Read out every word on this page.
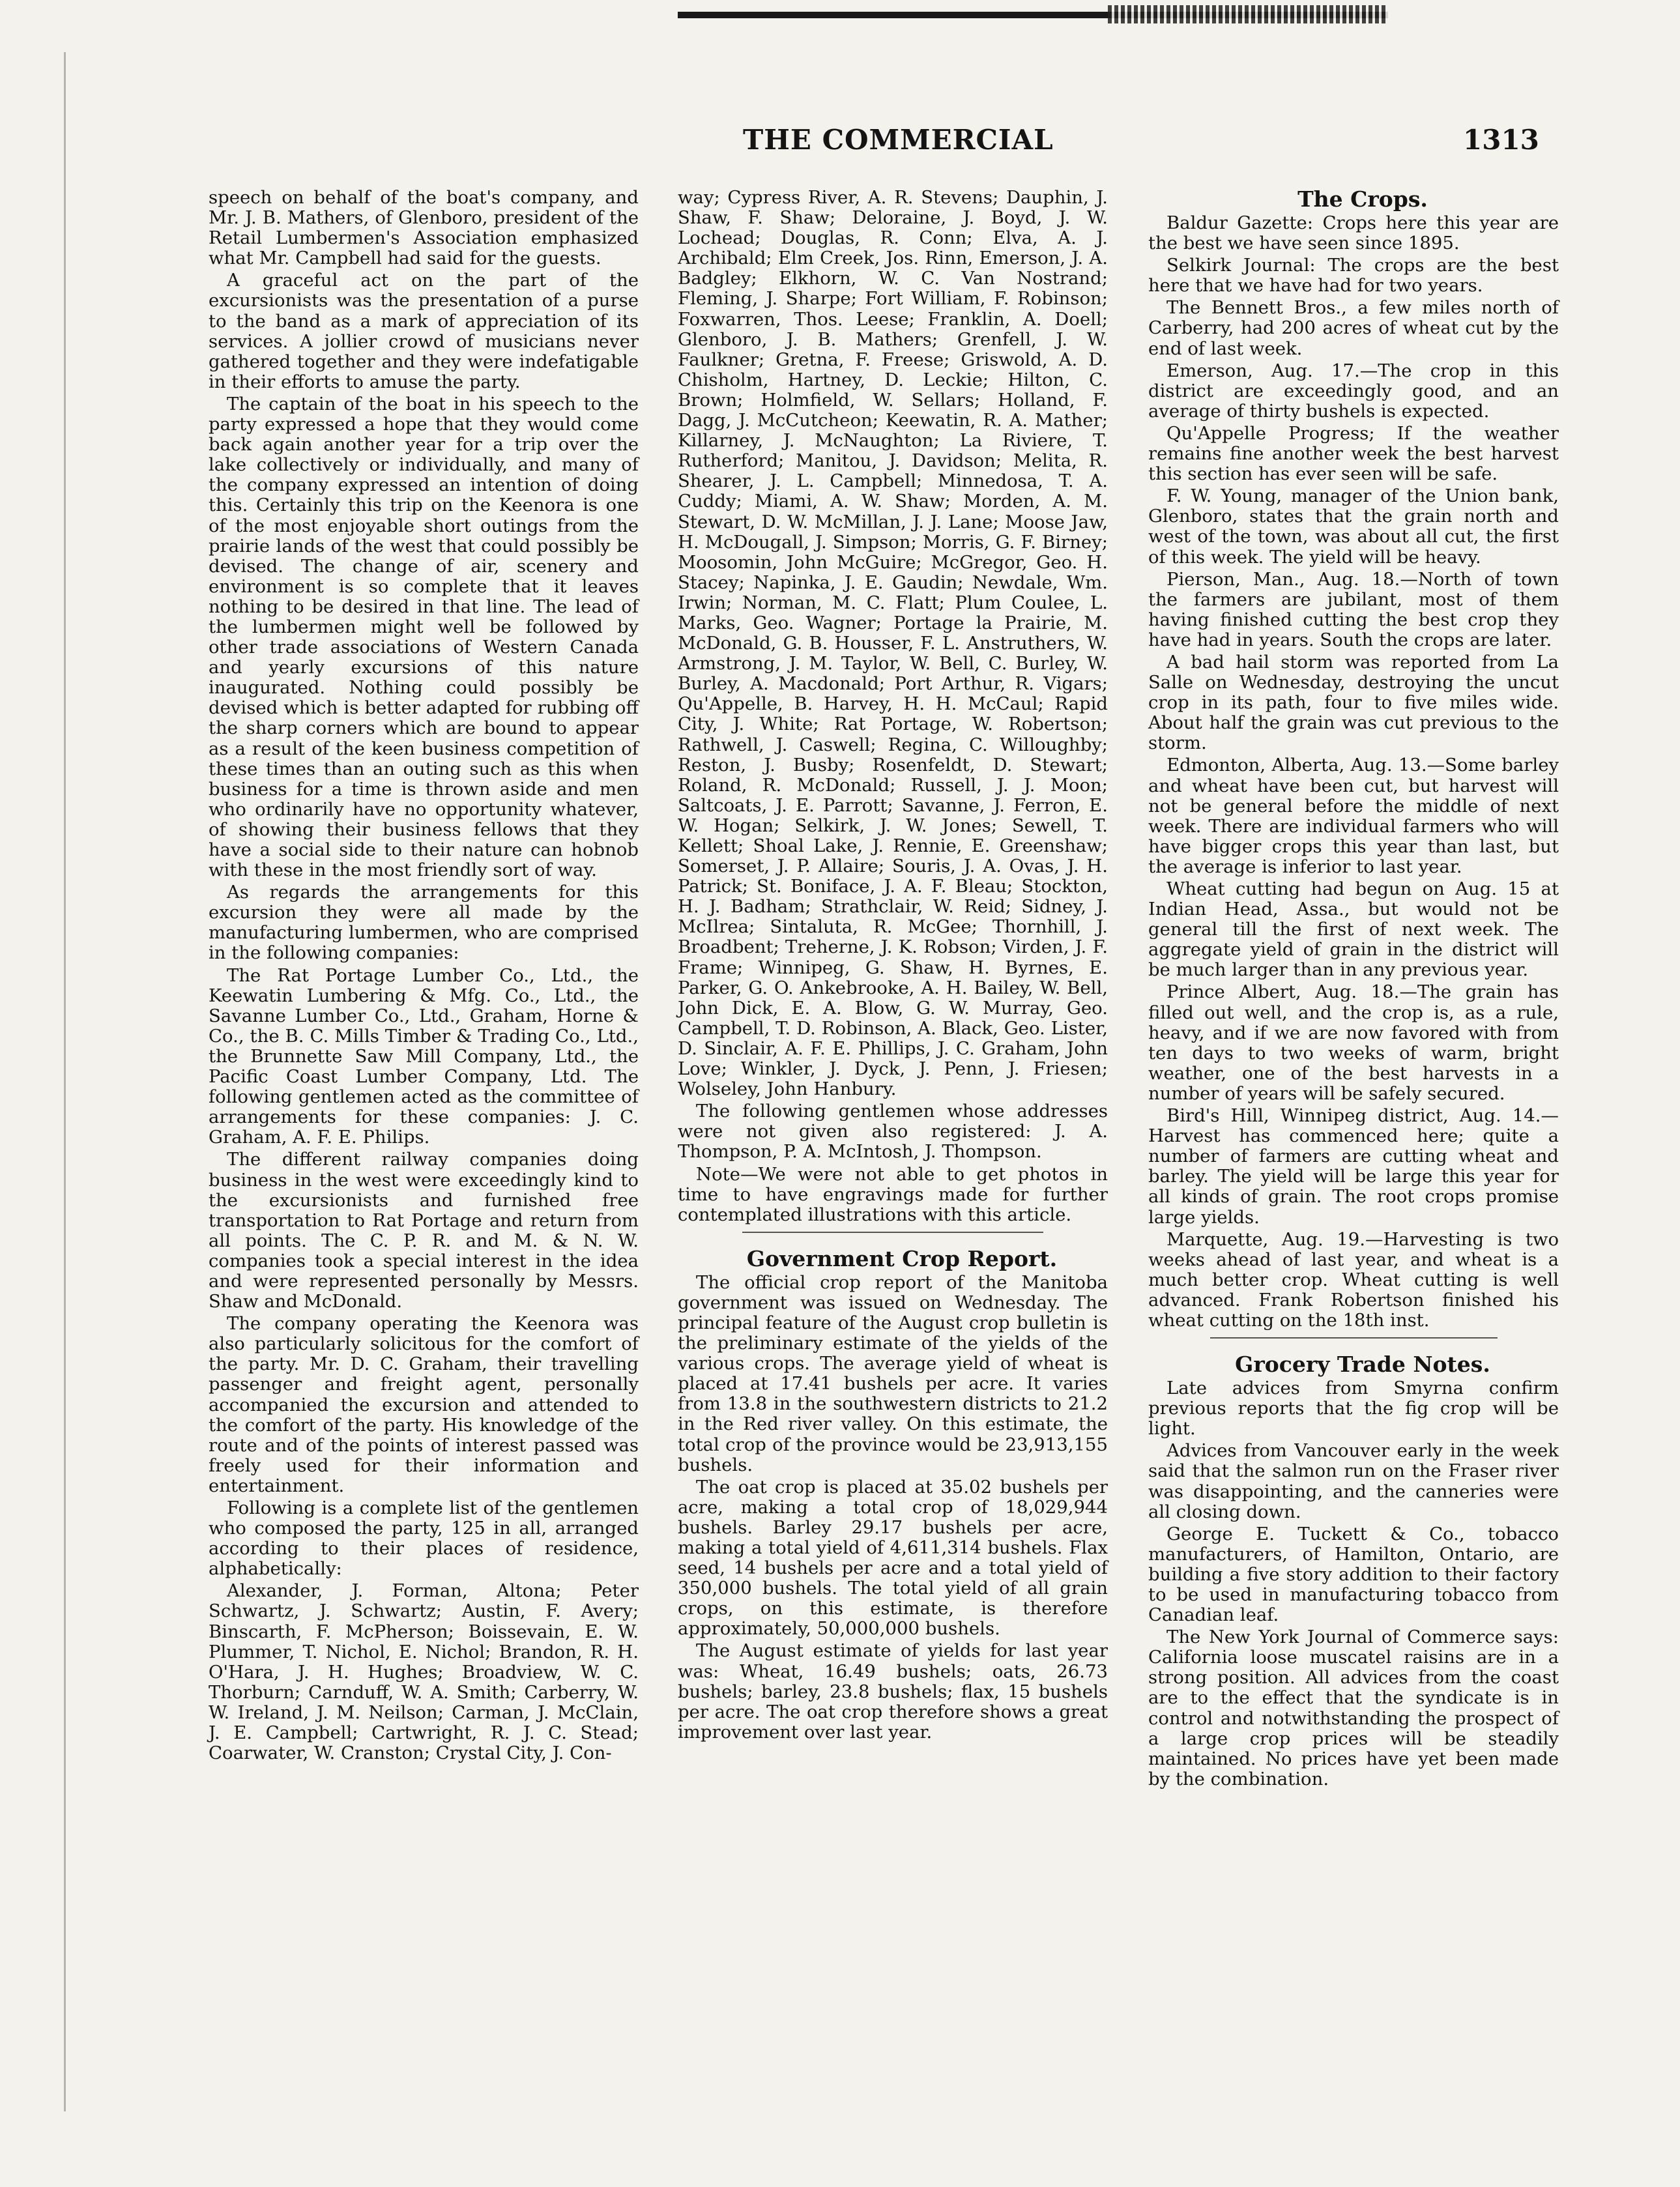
THE COMMERCIAL	1313

speech on behalf of the boat's company, and Mr. J. B. Mathers, of Glenboro, president of the Retail Lumbermen's Association emphasized what Mr. Campbell had said for the guests.

A graceful act on the part of the excursionists was the presentation of a purse to the band as a mark of appreciation of its services. A jollier crowd of musicians never gathered together and they were indefatigable in their efforts to amuse the party.

The captain of the boat in his speech to the party expressed a hope that they would come back again another year for a trip over the lake collectively or individually, and many of the company expressed an intention of doing this. Certainly this trip on the Keenora is one of the most enjoyable short outings from the prairie lands of the west that could possibly be devised. The change of air, scenery and environment is so complete that it leaves nothing to be desired in that line. The lead of the lumbermen might well be followed by other trade associations of Western Canada and yearly excursions of this nature inaugurated. Nothing could possibly be devised which is better adapted for rubbing off the sharp corners which are bound to appear as a result of the keen business competition of these times than an outing such as this when business for a time is thrown aside and men who ordinarily have no opportunity whatever, of showing their business fellows that they have a social side to their nature can hobnob with these in the most friendly sort of way.

As regards the arrangements for this excursion they were all made by the manufacturing lumbermen, who are comprised in the following companies:

The Rat Portage Lumber Co., Ltd., the Keewatin Lumbering & Mfg. Co., Ltd., the Savanne Lumber Co., Ltd., Graham, Horne & Co., the B. C. Mills Timber & Trading Co., Ltd., the Brunnette Saw Mill Company, Ltd., the Pacific Coast Lumber Company, Ltd. The following gentlemen acted as the committee of arrangements for these companies: J. C. Graham, A. F. E. Philips.

The different railway companies doing business in the west were exceedingly kind to the excursionists and furnished free transportation to Rat Portage and return from all points. The C. P. R. and M. & N. W. companies took a special interest in the idea and were represented personally by Messrs. Shaw and McDonald.

The company operating the Keenora was also particularly solicitous for the comfort of the party. Mr. D. C. Graham, their travelling passenger and freight agent, personally accompanied the excursion and attended to the comfort of the party. His knowledge of the route and of the points of interest passed was freely used for their information and entertainment.

Following is a complete list of the gentlemen who composed the party, 125 in all, arranged according to their places of residence, alphabetically:

Alexander, J. Forman, Altona; Peter Schwartz, J. Schwartz; Austin, F. Avery; Binscarth, F. McPherson; Boissevain, E. W. Plummer, T. Nichol, E. Nichol; Brandon, R. H. O'Hara, J. H. Hughes; Broadview, W. C. Thorburn; Carnduff, W. A. Smith; Carberry, W. W. Ireland, J. M. Neilson; Carman, J. McClain, J. E. Campbell; Cartwright, R. J. C. Stead; Coarwater, W. Cranston; Crystal City, J. Con-

way; Cypress River, A. R. Stevens; Dauphin, J. Shaw, F. Shaw; Deloraine, J. Boyd, J. W. Lochead; Douglas, R. Conn; Elva, A. J. Archibald; Elm Creek, Jos. Rinn, Emerson, J. A. Badgley; Elkhorn, W. C. Van Nostrand; Fleming, J. Sharpe; Fort William, F. Robinson; Foxwarren, Thos. Leese; Franklin, A. Doell; Glenboro, J. B. Mathers; Grenfell, J. W. Faulkner; Gretna, F. Freese; Griswold, A. D. Chisholm, Hartney, D. Leckie; Hilton, C. Brown; Holmfield, W. Sellars; Holland, F. Dagg, J. McCutcheon; Keewatin, R. A. Mather; Killarney, J. McNaughton; La Riviere, T. Rutherford; Manitou, J. Davidson; Melita, R. Shearer, J. L. Campbell; Minnedosa, T. A. Cuddy; Miami, A. W. Shaw; Morden, A. M. Stewart, D. W. McMillan, J. J. Lane; Moose Jaw, H. McDougall, J. Simpson; Morris, G. F. Birney; Moosomin, John McGuire; McGregor, Geo. H. Stacey; Napinka, J. E. Gaudin; Newdale, Wm. Irwin; Norman, M. C. Flatt; Plum Coulee, L. Marks, Geo. Wagner; Portage la Prairie, M. McDonald, G. B. Housser, F. L. Anstruthers, W. Armstrong, J. M. Taylor, W. Bell, C. Burley, W. Burley, A. Macdonald; Port Arthur, R. Vigars; Qu'Appelle, B. Harvey, H. H. McCaul; Rapid City, J. White; Rat Portage, W. Robertson; Rathwell, J. Caswell; Regina, C. Willoughby; Reston, J. Busby; Rosenfeldt, D. Stewart; Roland, R. McDonald; Russell, J. J. Moon; Saltcoats, J. E. Parrott; Savanne, J. Ferron, E. W. Hogan; Selkirk, J. W. Jones; Sewell, T. Kellett; Shoal Lake, J. Rennie, E. Greenshaw; Somerset, J. P. Allaire; Souris, J. A. Ovas, J. H. Patrick; St. Boniface, J. A. F. Bleau; Stockton, H. J. Badham; Strathclair, W. Reid; Sidney, J. McIlrea; Sintaluta, R. McGee; Thornhill, J. Broadbent; Treherne, J. K. Robson; Virden, J. F. Frame; Winnipeg, G. Shaw, H. Byrnes, E. Parker, G. O. Ankebrooke, A. H. Bailey, W. Bell, John Dick, E. A. Blow, G. W. Murray, Geo. Campbell, T. D. Robinson, A. Black, Geo. Lister, D. Sinclair, A. F. E. Phillips, J. C. Graham, John Love; Winkler, J. Dyck, J. Penn, J. Friesen; Wolseley, John Hanbury.

The following gentlemen whose addresses were not given also registered: J. A. Thompson, P. A. McIntosh, J. Thompson.

Note—We were not able to get photos in time to have engravings made for further contemplated illustrations with this article.

Government Crop Report.

The official crop report of the Manitoba government was issued on Wednesday. The principal feature of the August crop bulletin is the preliminary estimate of the yields of the various crops. The average yield of wheat is placed at 17.41 bushels per acre. It varies from 13.8 in the southwestern districts to 21.2 in the Red river valley. On this estimate, the total crop of the province would be 23,913,155 bushels.

The oat crop is placed at 35.02 bushels per acre, making a total crop of 18,029,944 bushels. Barley 29.17 bushels per acre, making a total yield of 4,611,314 bushels. Flax seed, 14 bushels per acre and a total yield of 350,000 bushels. The total yield of all grain crops, on this estimate, is therefore approximately, 50,000,000 bushels.

The August estimate of yields for last year was: Wheat, 16.49 bushels; oats, 26.73 bushels; barley, 23.8 bushels; flax, 15 bushels per acre. The oat crop therefore shows a great improvement over last year.

The Crops.

Baldur Gazette: Crops here this year are the best we have seen since 1895.

Selkirk Journal: The crops are the best here that we have had for two years.

The Bennett Bros., a few miles north of Carberry, had 200 acres of wheat cut by the end of last week.

Emerson, Aug. 17.—The crop in this district are exceedingly good, and an average of thirty bushels is expected.

Qu'Appelle Progress; If the weather remains fine another week the best harvest this section has ever seen will be safe.

F. W. Young, manager of the Union bank, Glenboro, states that the grain north and west of the town, was about all cut, the first of this week. The yield will be heavy.

Pierson, Man., Aug. 18.—North of town the farmers are jubilant, most of them having finished cutting the best crop they have had in years. South the crops are later.

A bad hail storm was reported from La Salle on Wednesday, destroying the uncut crop in its path, four to five miles wide. About half the grain was cut previous to the storm.

Edmonton, Alberta, Aug. 13.—Some barley and wheat have been cut, but harvest will not be general before the middle of next week. There are individual farmers who will have bigger crops this year than last, but the average is inferior to last year.

Wheat cutting had begun on Aug. 15 at Indian Head, Assa., but would not be general till the first of next week. The aggregate yield of grain in the district will be much larger than in any previous year.

Prince Albert, Aug. 18.—The grain has filled out well, and the crop is, as a rule, heavy, and if we are now favored with from ten days to two weeks of warm, bright weather, one of the best harvests in a number of years will be safely secured.

Bird's Hill, Winnipeg district, Aug. 14.—Harvest has commenced here; quite a number of farmers are cutting wheat and barley. The yield will be large this year for all kinds of grain. The root crops promise large yields.

Marquette, Aug. 19.—Harvesting is two weeks ahead of last year, and wheat is a much better crop. Wheat cutting is well advanced. Frank Robertson finished his wheat cutting on the 18th inst.

Grocery Trade Notes.

Late advices from Smyrna confirm previous reports that the fig crop will be light.

Advices from Vancouver early in the week said that the salmon run on the Fraser river was disappointing, and the canneries were all closing down.

George E. Tuckett & Co., tobacco manufacturers, of Hamilton, Ontario, are building a five story addition to their factory to be used in manufacturing tobacco from Canadian leaf.

The New York Journal of Commerce says: California loose muscatel raisins are in a strong position. All advices from the coast are to the effect that the syndicate is in control and notwithstanding the prospect of a large crop prices will be steadily maintained. No prices have yet been made by the combination.
